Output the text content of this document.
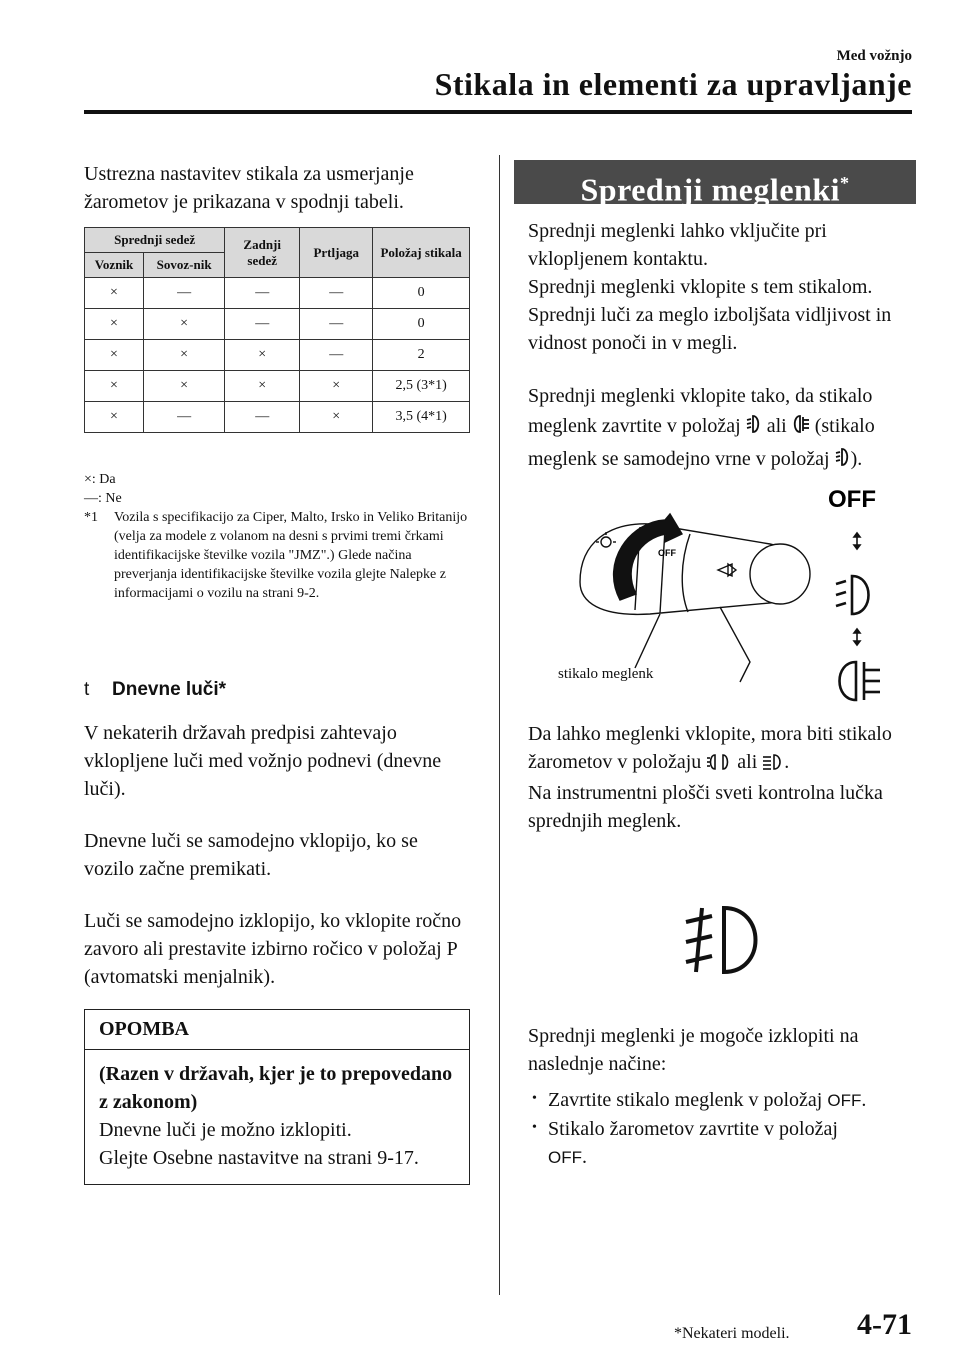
Med vožnjo
Stikala in elementi za upravljanje

Ustrezna nastavitev stikala za usmerjanje žarometov je prikazana v spodnji tabeli.

Sprednji sedež		Zadnji sedež	Prtljaga	Položaj stikala
Voznik	Sovoz-nik			
×	—	—	—	0
×	×	—	—	0
×	×	×	—	2
×	×	×	×	2,5 (3*1)
×	—	—	×	3,5 (4*1)
×: Da
—: Ne
*1	Vozila s specifikacijo za Ciper, Malto, Irsko in Veliko Britanijo (velja za modele z volanom na desni s prvimi tremi črkami identifikacijske številke vozila "JMZ".) Glede načina preverjanja identifikacijske številke vozila glejte Nalepke z informacijami o vozilu na strani 9-2.
t	Dnevne luči*

V nekaterih državah predpisi zahtevajo vklopljene luči med vožnjo podnevi (dnevne luči).

Dnevne luči se samodejno vklopijo, ko se vozilo začne premikati.

Luči se samodejno izklopijo, ko vklopite ročno zavoro ali prestavite izbirno ročico v položaj P (avtomatski menjalnik).

OPOMBA
(Razen v državah, kjer je to prepovedano z zakonom)
Dnevne luči je možno izklopiti.
Glejte Osebne nastavitve na strani 9-17.
Sprednji meglenki*

Sprednji meglenki lahko vključite pri vklopljenem kontaktu.
Sprednji meglenki vklopite s tem stikalom.
Sprednji luči za meglo izboljšata vidljivost in vidnost ponoči in v megli.

Sprednji meglenki vklopite tako, da stikalo meglenk zavrtite v položaj ali (stikalo meglenk se samodejno vrne v položaj ).

OFF
OFF
stikalo meglenk

Da lahko meglenki vklopite, mora biti stikalo žarometov v položaju ali .
Na instrumentni plošči sveti kontrolna lučka sprednjih meglenk.

Sprednji meglenki je mogoče izklopiti na naslednje načine:

• Zavrtite stikalo meglenk v položaj OFF.
• Stikalo žarometov zavrtite v položaj
OFF.
*Nekateri modeli. 4-71
